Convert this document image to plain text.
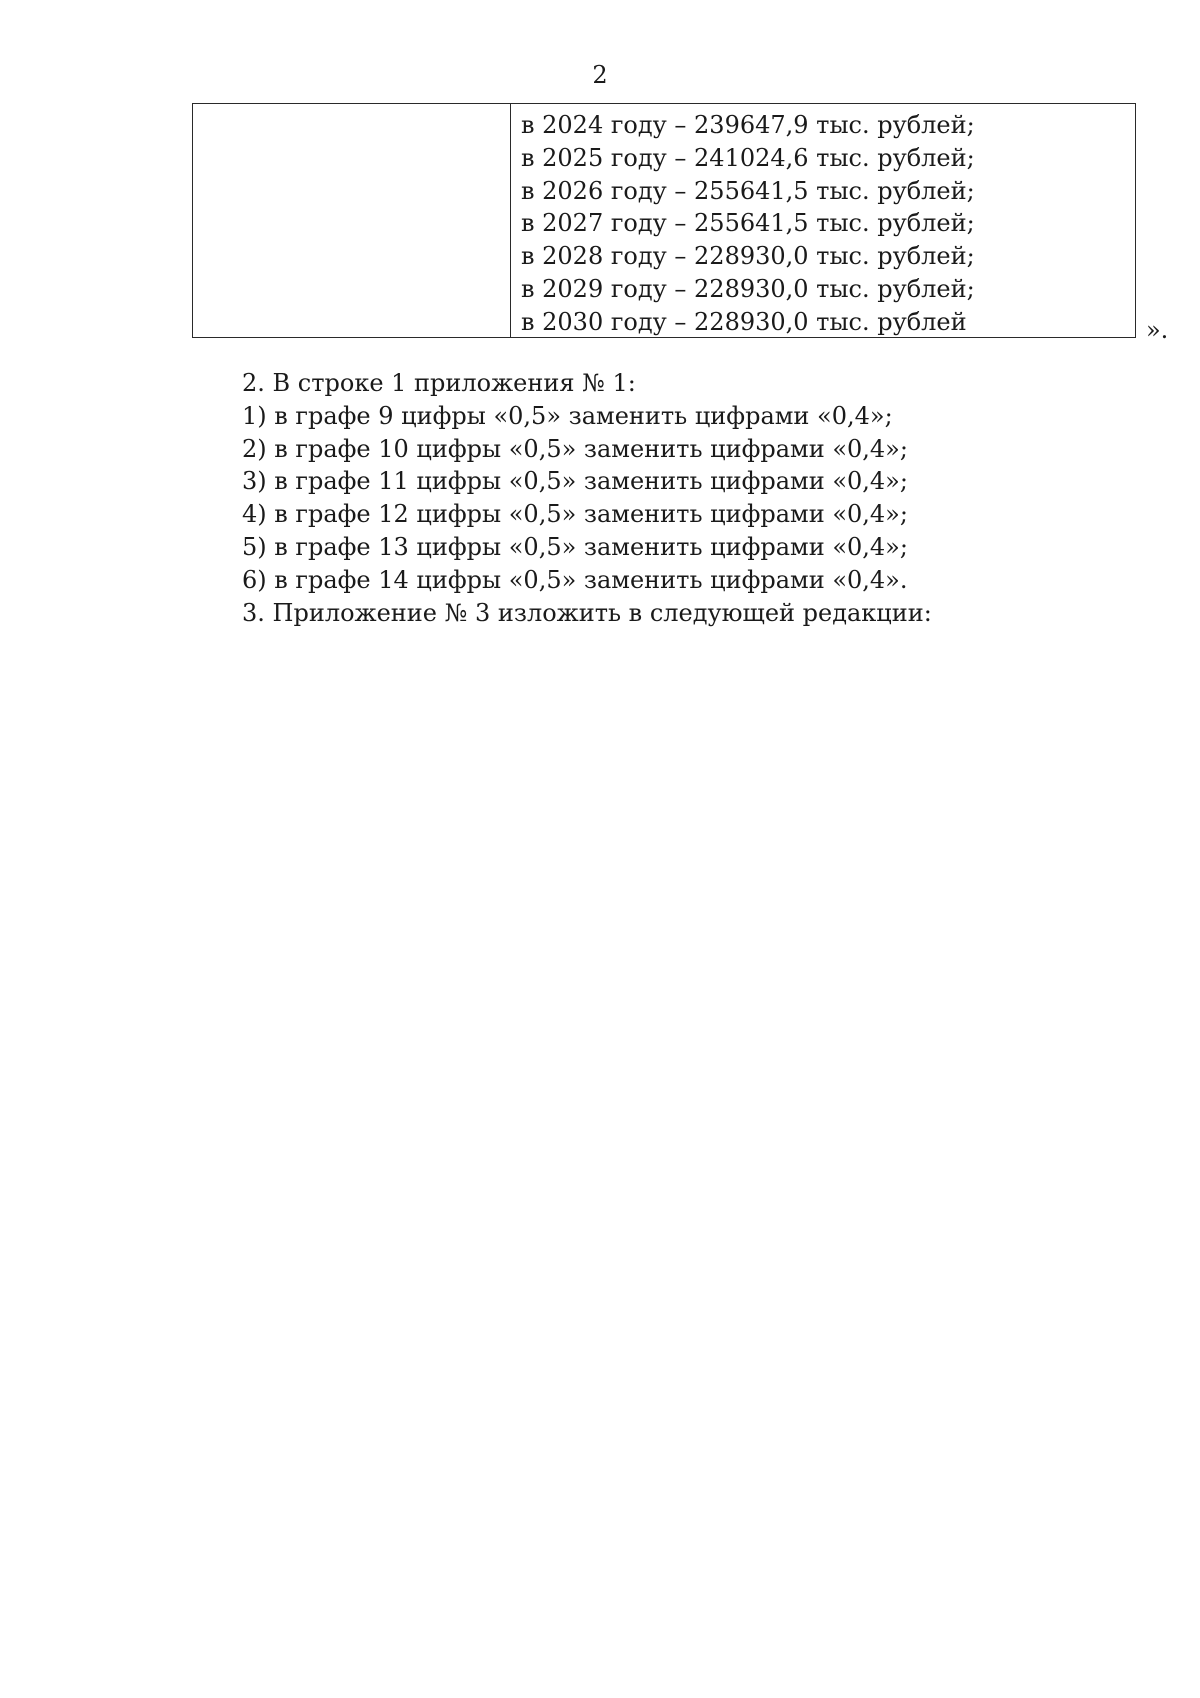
2
в 2024 году – 239647,9 тыс. рублей;
в 2025 году – 241024,6 тыс. рублей;
в 2026 году – 255641,5 тыс. рублей;
в 2027 году – 255641,5 тыс. рублей;
в 2028 году – 228930,0 тыс. рублей;
в 2029 году – 228930,0 тыс. рублей;
в 2030 году – 228930,0 тыс. рублей	».

2. В строке 1 приложения № 1:

1) в графе 9 цифры «0,5» заменить цифрами «0,4»;
2) в графе 10 цифры «0,5» заменить цифрами «0,4»;
3) в графе 11 цифры «0,5» заменить цифрами «0,4»;
4) в графе 12 цифры «0,5» заменить цифрами «0,4»;
5) в графе 13 цифры «0,5» заменить цифрами «0,4»;
6) в графе 14 цифры «0,5» заменить цифрами «0,4».

3. Приложение № 3 изложить в следующей редакции:
